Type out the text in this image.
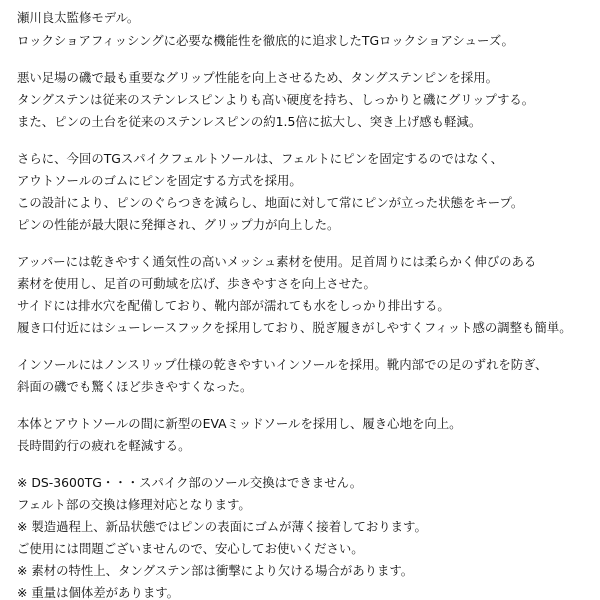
瀬川良太監修モデル。
ロックショアフィッシングに必要な機能性を徹底的に追求したTGロックショアシューズ。
悪い足場の磯で最も重要なグリップ性能を向上させるため、タングステンピンを採用。
タングステンは従来のステンレスピンよりも高い硬度を持ち、しっかりと磯にグリップする。
また、ピンの土台を従来のステンレスピンの約1.5倍に拡大し、突き上げ感も軽減。
さらに、今回のTGスパイクフェルトソールは、フェルトにピンを固定するのではなく、
アウトソールのゴムにピンを固定する方式を採用。
この設計により、ピンのぐらつきを減らし、地面に対して常にピンが立った状態をキープ。
ピンの性能が最大限に発揮され、グリップ力が向上した。
アッパーには乾きやすく通気性の高いメッシュ素材を使用。足首周りには柔らかく伸びのある
素材を使用し、足首の可動域を広げ、歩きやすさを向上させた。
サイドには排水穴を配備しており、靴内部が濡れても水をしっかり排出する。
履き口付近にはシューレースフックを採用しており、脱ぎ履きがしやすくフィット感の調整も簡単。
インソールにはノンスリップ仕様の乾きやすいインソールを採用。靴内部での足のずれを防ぎ、
斜面の磯でも驚くほど歩きやすくなった。
本体とアウトソールの間に新型のEVAミッドソールを採用し、履き心地を向上。
長時間釣行の疲れを軽減する。
※ DS-3600TG・・・スパイク部のソール交換はできません。
フェルト部の交換は修理対応となります。
※ 製造過程上、新品状態ではピンの表面にゴムが薄く接着しております。
ご使用には問題ございませんので、安心してお使いください。
※ 素材の特性上、タングステン部は衝撃により欠ける場合があります。
※ 重量は個体差があります。
